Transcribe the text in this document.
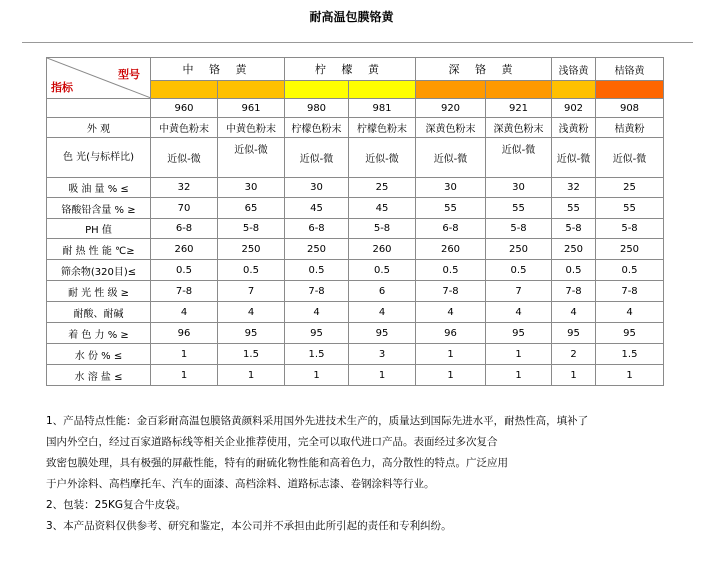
耐高温包膜铬黄
型号
指标	中 铬 黄		柠 檬 黄		深 铬 黄		浅铬黄	桔铬黄

	960	961	980	981	920	921	902	908
外 观	中黄色粉末	中黄色粉末	柠檬色粉末	柠檬色粉末	深黄色粉末	深黄色粉末	浅黄粉	桔黄粉
色 光(与标样比)	近似-微	近似-微	近似-微	近似-微	近似-微	近似-微	近似-微	近似-微
吸 油 量 % ≤	32	30	30	25	30	30	32	25
铬酸铅含量 % ≥	70	65	45	45	55	55	55	55
PH 值	6-8	5-8	6-8	5-8	6-8	5-8	5-8	5-8
耐 热 性 能 ℃≥	260	250	250	260	260	250	250	250
筛余物(320目)≤	0.5	0.5	0.5	0.5	0.5	0.5	0.5	0.5
耐 光 性 级 ≥	7-8	7	7-8	6	7-8	7	7-8	7-8
耐酸、耐碱	4	4	4	4	4	4	4	4
着 色 力 % ≥	96	95	95	95	96	95	95	95
水 份 % ≤	1	1.5	1.5	3	1	1	2	1.5
水 溶 盐 ≤	1	1	1	1	1	1	1	1

1、产品特点性能：金百彩耐高温包膜铬黄颜料采用国外先进技术生产的，质量达到国际先进水平，耐热性高，填补了

国内外空白，经过百家道路标线等相关企业推荐使用，完全可以取代进口产品。表面经过多次复合

致密包膜处理，具有极强的屏蔽性能，特有的耐硫化物性能和高着色力，高分散性的特点。广泛应用

于户外涂料、高档摩托车、汽车的面漆、高档涂料、道路标志漆、卷钢涂料等行业。

2、包装：25KG复合牛皮袋。

3、本产品资料仅供参考、研究和鉴定，本公司并不承担由此所引起的责任和专利纠纷。
